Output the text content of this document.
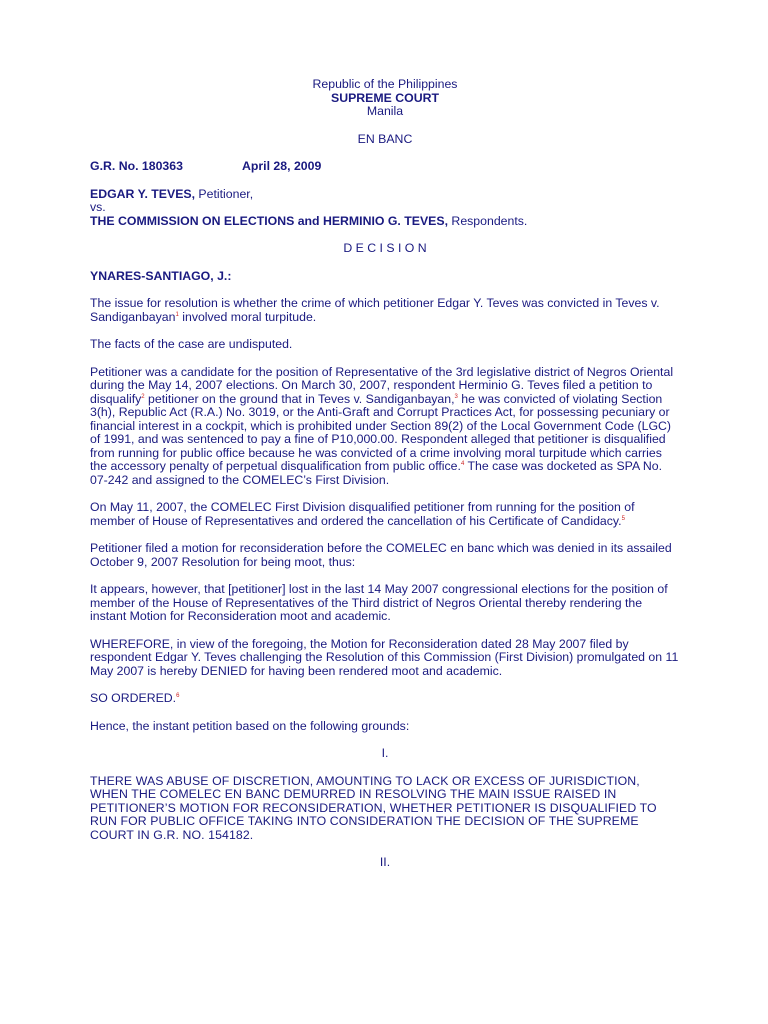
Republic of the Philippines

SUPREME COURT

Manila

EN BANC

G.R. No. 180363	April 28, 2009

EDGAR Y. TEVES, Petitioner,

vs.

THE COMMISSION ON ELECTIONS and HERMINIO G. TEVES, Respondents.

D E C I S I O N

YNARES-SANTIAGO, J.:

The issue for resolution is whether the crime of which petitioner Edgar Y. Teves was convicted in Teves v. Sandiganbayan$^1$ involved moral turpitude.

The facts of the case are undisputed.

Petitioner was a candidate for the position of Representative of the 3rd legislative district of Negros Oriental during the May 14, 2007 elections. On March 30, 2007, respondent Herminio G. Teves filed a petition to disqualify$^2$ petitioner on the ground that in Teves v. Sandiganbayan,$^3$ he was convicted of violating Section 3(h), Republic Act (R.A.) No. 3019, or the Anti-Graft and Corrupt Practices Act, for possessing pecuniary or financial interest in a cockpit, which is prohibited under Section 89(2) of the Local Government Code (LGC) of 1991, and was sentenced to pay a fine of P10,000.00. Respondent alleged that petitioner is disqualified from running for public office because he was convicted of a crime involving moral turpitude which carries the accessory penalty of perpetual disqualification from public office.$^4$ The case was docketed as SPA No. 07-242 and assigned to the COMELEC’s First Division.

On May 11, 2007, the COMELEC First Division disqualified petitioner from running for the position of member of House of Representatives and ordered the cancellation of his Certificate of Candidacy.$^5$

Petitioner filed a motion for reconsideration before the COMELEC en banc which was denied in its assailed October 9, 2007 Resolution for being moot, thus:

It appears, however, that [petitioner] lost in the last 14 May 2007 congressional elections for the position of member of the House of Representatives of the Third district of Negros Oriental thereby rendering the instant Motion for Reconsideration moot and academic.

WHEREFORE, in view of the foregoing, the Motion for Reconsideration dated 28 May 2007 filed by respondent Edgar Y. Teves challenging the Resolution of this Commission (First Division) promulgated on 11 May 2007 is hereby DENIED for having been rendered moot and academic.

SO ORDERED.$^6$

Hence, the instant petition based on the following grounds:

I.

THERE WAS ABUSE OF DISCRETION, AMOUNTING TO LACK OR EXCESS OF JURISDICTION, WHEN THE COMELEC EN BANC DEMURRED IN RESOLVING THE MAIN ISSUE RAISED IN PETITIONER’S MOTION FOR RECONSIDERATION, WHETHER PETITIONER IS DISQUALIFIED TO RUN FOR PUBLIC OFFICE TAKING INTO CONSIDERATION THE DECISION OF THE SUPREME COURT IN G.R. NO. 154182.

II.
